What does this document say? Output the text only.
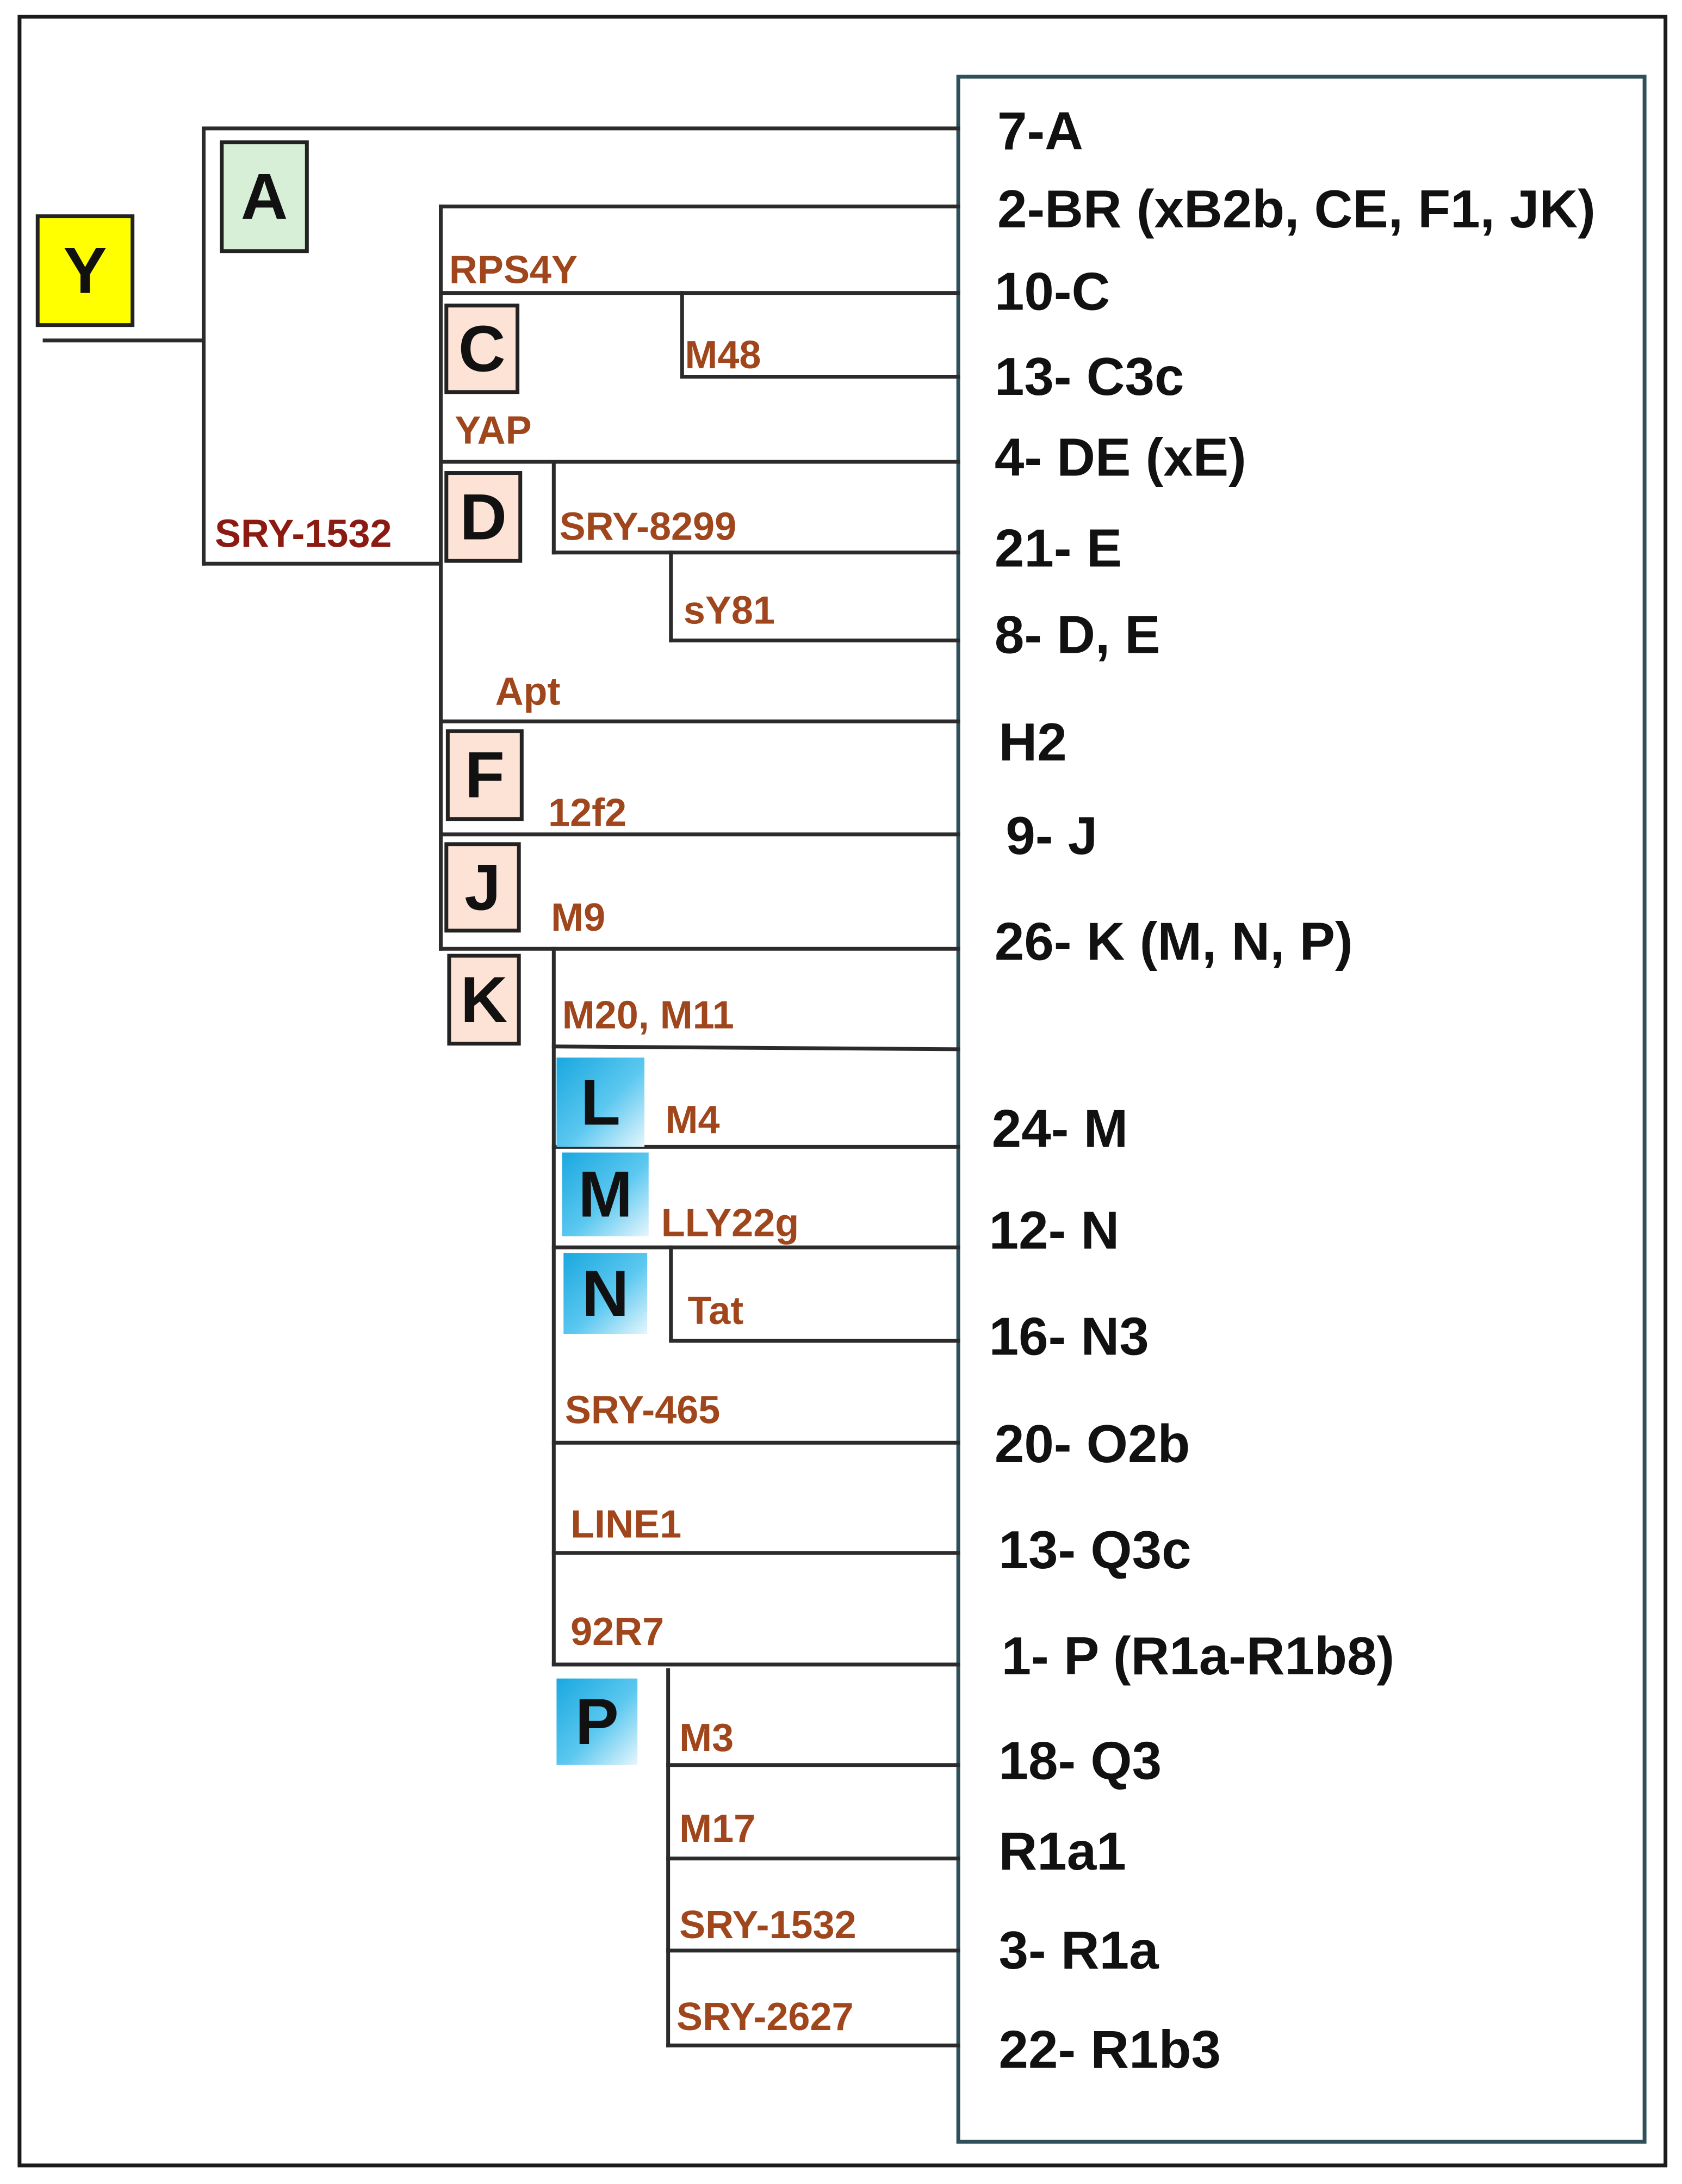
Y
A
C
D
F
J
K
L
M
N
P
RPS4Y
M48
YAP
SRY-1532	SRY-8299
sY81
Apt
12f2
M9
M20, M11
M4
LLY22g
Tat
SRY-465
LINE1
92R7
M3
M17
SRY-1532
SRY-2627
7-A
2-BR (xB2b, CE, F1, JK)
10-C
13- C3c
4- DE (xE)
21- E
8- D, E
H2
9- J
26- K (M, N, P)
24- M
12- N
16- N3
20- O2b
13- Q3c
1- P (R1a-R1b8)
18- Q3
R1a1
3- R1a
22- R1b3
